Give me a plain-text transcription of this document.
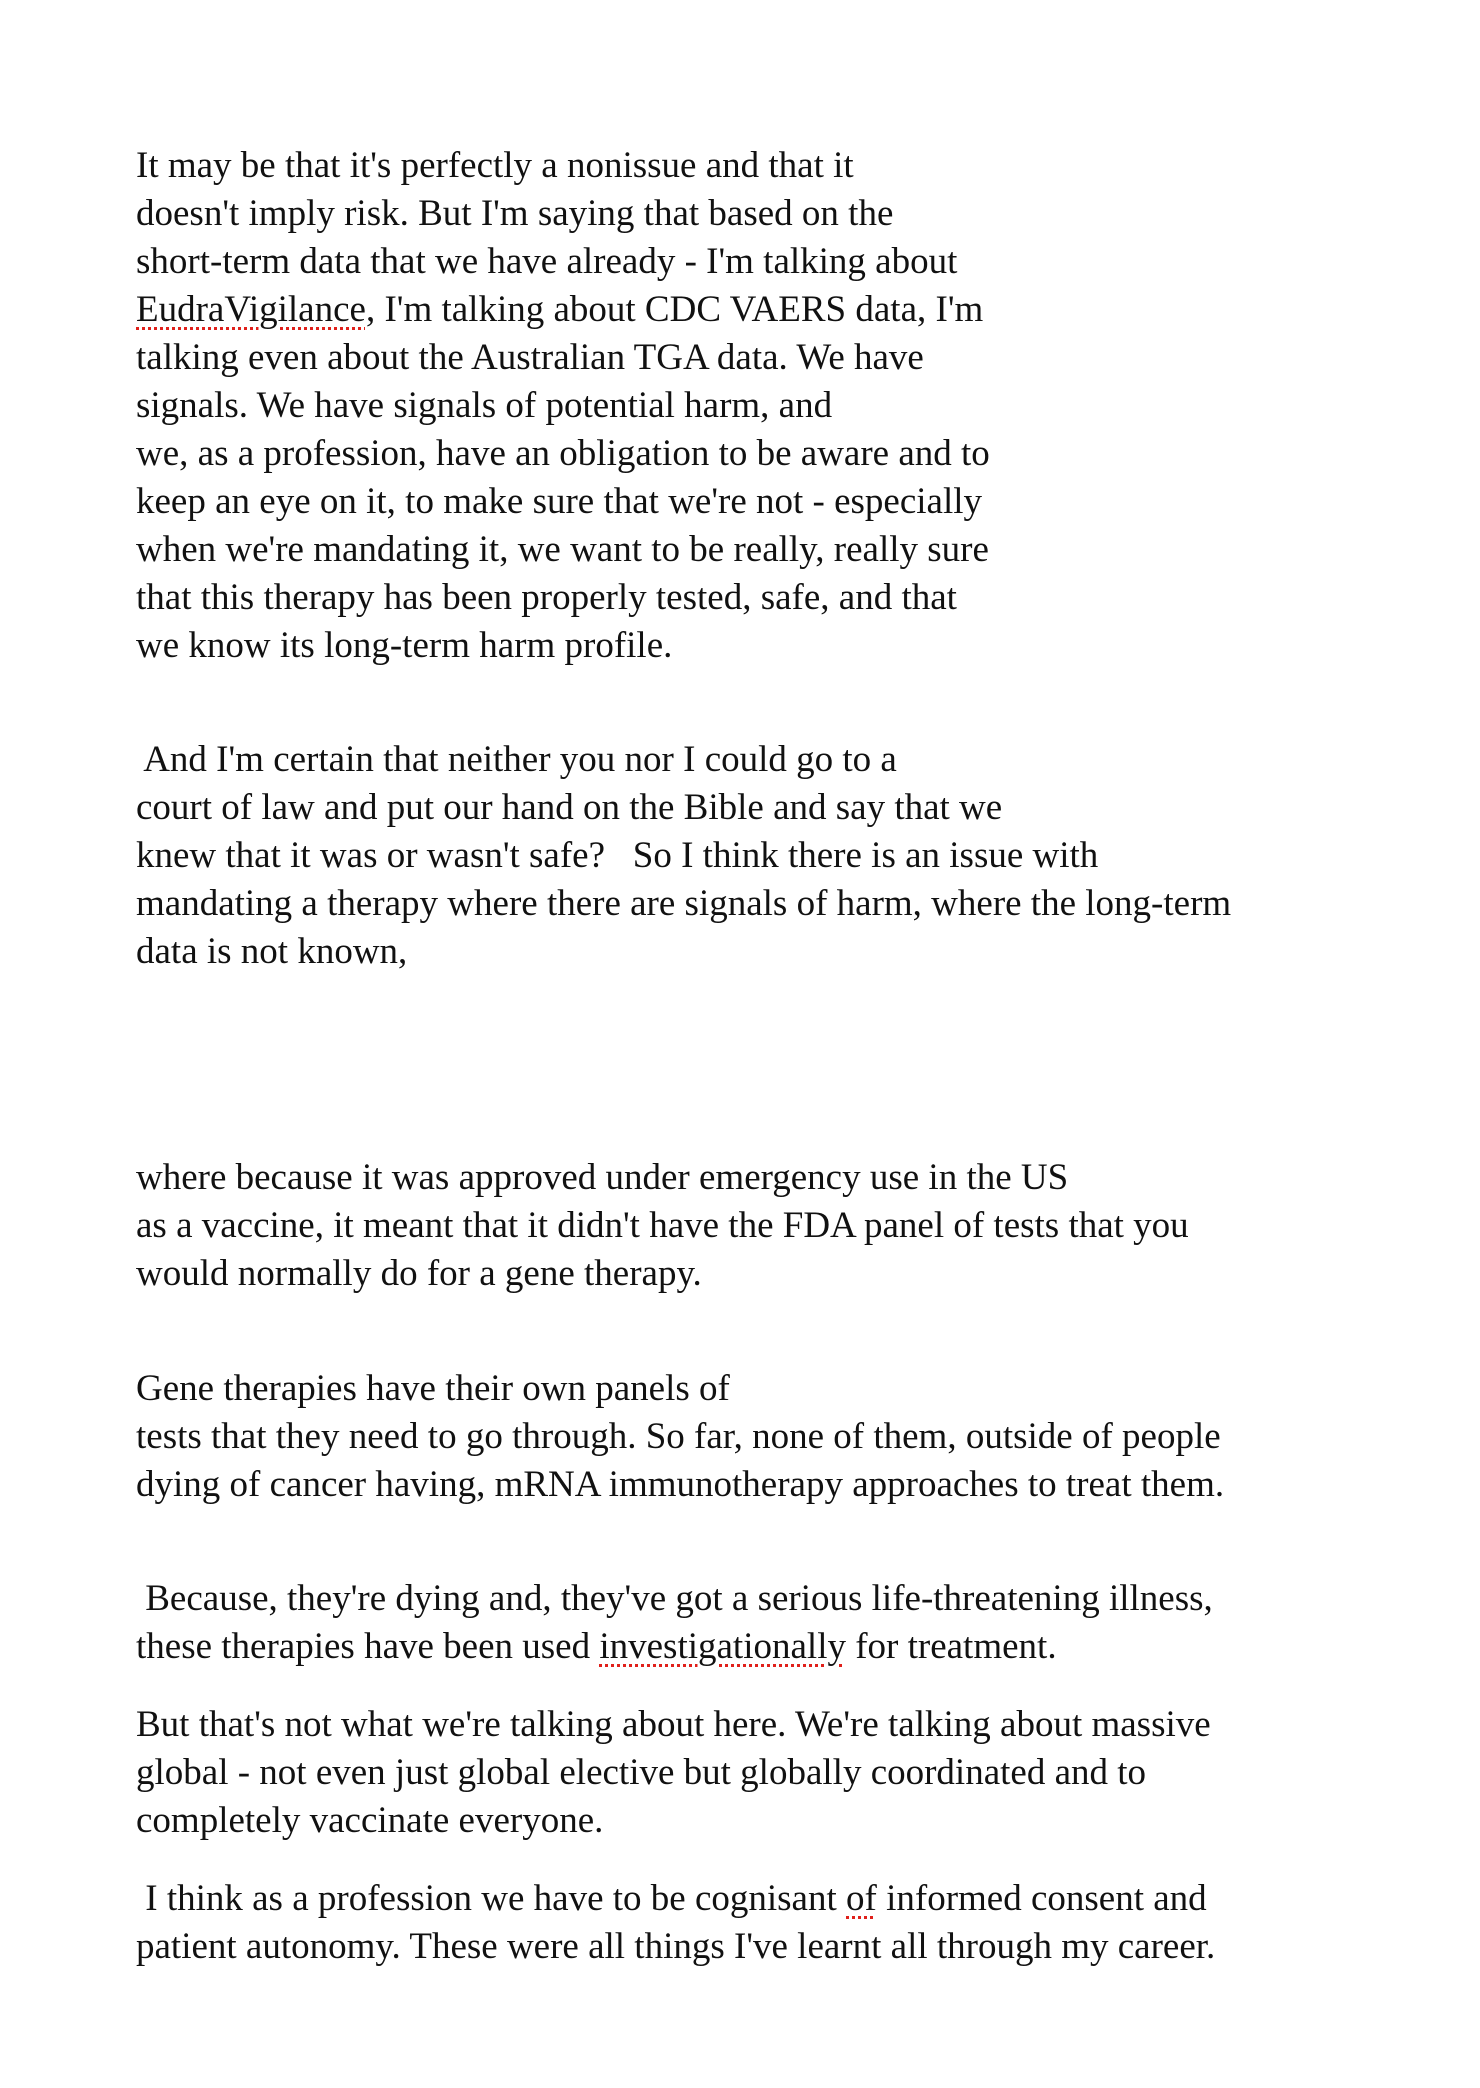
It may be that it's perfectly a nonissue and that it
doesn't imply risk. But I'm saying that based on the
short-term data that we have already - I'm talking about
EudraVigilance, I'm talking about CDC VAERS data, I'm
talking even about the Australian TGA data. We have
signals. We have signals of potential harm, and
we, as a profession, have an obligation to be aware and to
keep an eye on it, to make sure that we're not - especially
when we're mandating it, we want to be really, really sure
that this therapy has been properly tested, safe, and that
we know its long-term harm profile.
And I'm certain that neither you nor I could go to a
court of law and put our hand on the Bible and say that we
knew that it was or wasn't safe?   So I think there is an issue with
mandating a therapy where there are signals of harm, where the long-term
data is not known,
where because it was approved under emergency use in the US
as a vaccine, it meant that it didn't have the FDA panel of tests that you
would normally do for a gene therapy.
Gene therapies have their own panels of
tests that they need to go through. So far, none of them, outside of people
dying of cancer having, mRNA immunotherapy approaches to treat them.
Because, they're dying and, they've got a serious life-threatening illness,
these therapies have been used investigationally for treatment.
But that's not what we're talking about here. We're talking about massive
global - not even just global elective but globally coordinated and to
completely vaccinate everyone.
I think as a profession we have to be cognisant of informed consent and
patient autonomy. These were all things I've learnt all through my career.
